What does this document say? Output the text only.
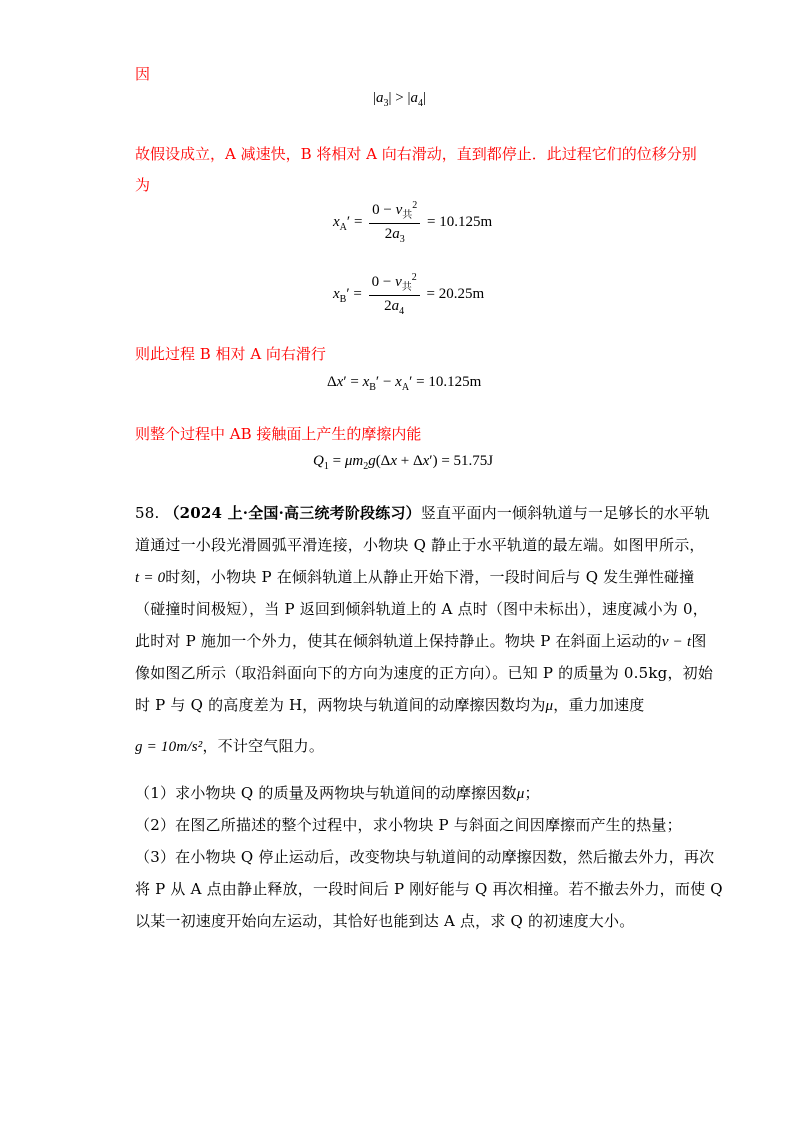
因
$|a_3| > |a_4|$
故假设成立，A 减速快，B 将相对 A 向右滑动，直到都停止．此过程它们的位移分别
为
$x_A' = \frac{0 - v_共^2}{2a_3} = 10.125m$
$x_B' = \frac{0 - v_共^2}{2a_4} = 20.25m$
则此过程 B 相对 A 向右滑行
$\Delta x' = x_B' - x_A' = 10.125m$
则整个过程中 AB 接触面上产生的摩擦内能
$Q_1 = \mu m_2g(\Delta x + \Delta x') = 51.75J$
58. （2024 上·全国·高三统考阶段练习）竖直平面内一倾斜轨道与一足够长的水平轨
道通过一小段光滑圆弧平滑连接，小物块 Q 静止于水平轨道的最左端。如图甲所示，
t = 0时刻，小物块 P 在倾斜轨道上从静止开始下滑，一段时间后与 Q 发生弹性碰撞
（碰撞时间极短），当 P 返回到倾斜轨道上的 A 点时（图中未标出），速度减小为 0，
此时对 P 施加一个外力，使其在倾斜轨道上保持静止。物块 P 在斜面上运动的v − t图
像如图乙所示（取沿斜面向下的方向为速度的正方向）。已知 P 的质量为 0.5kg，初始
时 P 与 Q 的高度差为 H，两物块与轨道间的动摩擦因数均为μ，重力加速度
g = 10m/s²，不计空气阻力。
（1）求小物块 Q 的质量及两物块与轨道间的动摩擦因数μ；
（2）在图乙所描述的整个过程中，求小物块 P 与斜面之间因摩擦而产生的热量；
（3）在小物块 Q 停止运动后，改变物块与轨道间的动摩擦因数，然后撤去外力，再次
将 P 从 A 点由静止释放，一段时间后 P 刚好能与 Q 再次相撞。若不撤去外力，而使 Q
以某一初速度开始向左运动，其恰好也能到达 A 点，求 Q 的初速度大小。
